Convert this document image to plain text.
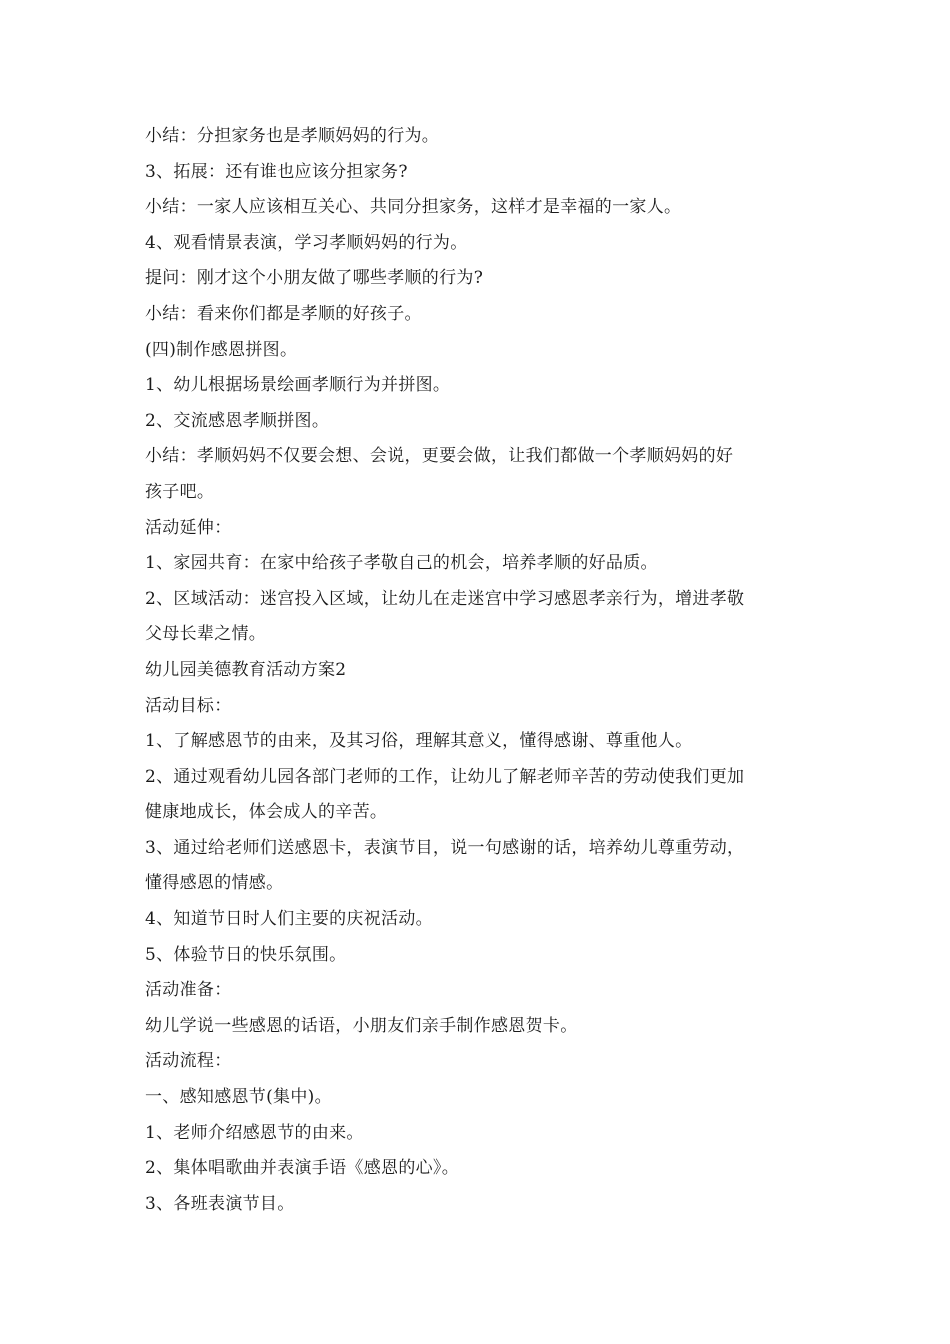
小结：分担家务也是孝顺妈妈的行为。
3、拓展：还有谁也应该分担家务?
小结：一家人应该相互关心、共同分担家务，这样才是幸福的一家人。
4、观看情景表演，学习孝顺妈妈的行为。
提问：刚才这个小朋友做了哪些孝顺的行为?
小结：看来你们都是孝顺的好孩子。
(四)制作感恩拼图。
1、幼儿根据场景绘画孝顺行为并拼图。
2、交流感恩孝顺拼图。
小结：孝顺妈妈不仅要会想、会说，更要会做，让我们都做一个孝顺妈妈的好
孩子吧。
活动延伸：
1、家园共育：在家中给孩子孝敬自己的机会，培养孝顺的好品质。
2、区域活动：迷宫投入区域，让幼儿在走迷宫中学习感恩孝亲行为，增进孝敬
父母长辈之情。
幼儿园美德教育活动方案2
活动目标：
1、了解感恩节的由来，及其习俗，理解其意义，懂得感谢、尊重他人。
2、通过观看幼儿园各部门老师的工作，让幼儿了解老师辛苦的劳动使我们更加
健康地成长，体会成人的辛苦。
3、通过给老师们送感恩卡，表演节目，说一句感谢的话，培养幼儿尊重劳动，
懂得感恩的情感。
4、知道节日时人们主要的庆祝活动。
5、体验节日的快乐氛围。
活动准备：
幼儿学说一些感恩的话语，小朋友们亲手制作感恩贺卡。
活动流程：
一、感知感恩节(集中)。
1、老师介绍感恩节的由来。
2、集体唱歌曲并表演手语《感恩的心》。
3、各班表演节目。
